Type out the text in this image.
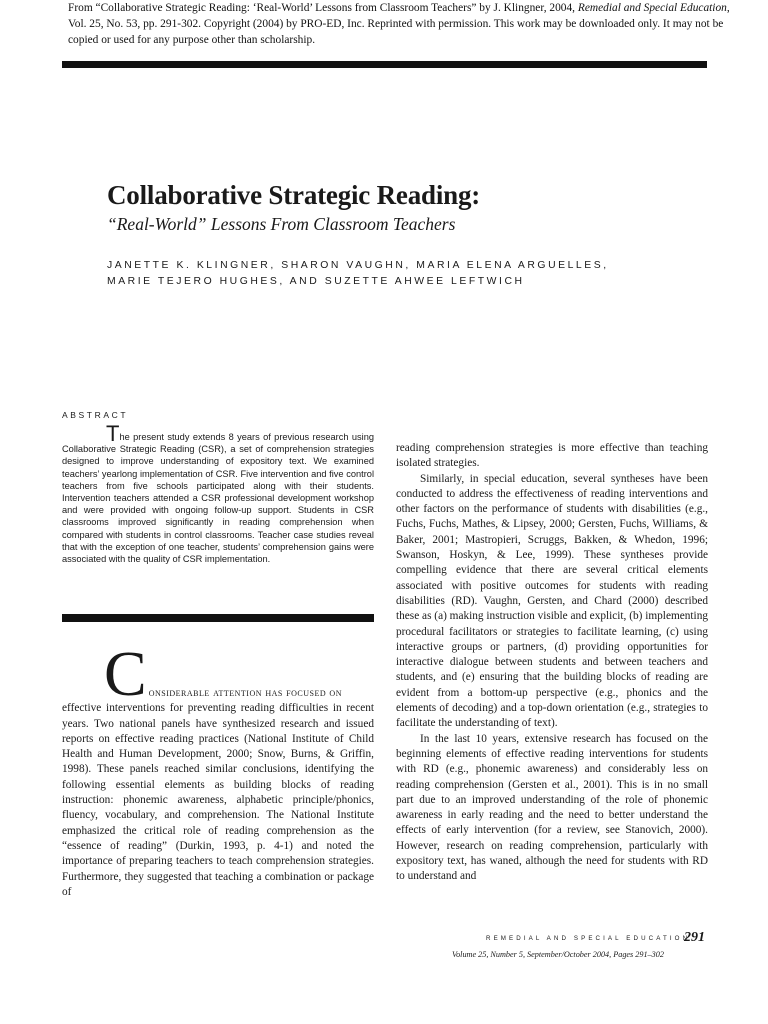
From “Collaborative Strategic Reading: ‘Real-World’ Lessons from Classroom Teachers” by J. Klingner, 2004, Remedial and Special Education, Vol. 25, No. 53, pp. 291-302. Copyright (2004) by PRO-ED, Inc. Reprinted with permission. This work may be downloaded only. It may not be copied or used for any purpose other than scholarship.
Collaborative Strategic Reading:
“Real-World” Lessons From Classroom Teachers
JANETTE K. KLINGNER, SHARON VAUGHN, MARIA ELENA ARGUELLES,
MARIE TEJERO HUGHES, AND SUZETTE AHWEE LEFTWICH
ABSTRACT
The present study extends 8 years of previous research using Collaborative Strategic Reading (CSR), a set of comprehension strategies designed to improve understanding of expository text. We examined teachers’ yearlong implementation of CSR. Five intervention and five control teachers from five schools participated along with their students. Intervention teachers attended a CSR professional development workshop and were provided with ongoing follow-up support. Students in CSR classrooms improved significantly in reading comprehension when compared with students in control classrooms. Teacher case studies reveal that with the exception of one teacher, students’ comprehension gains were associated with the quality of CSR implementation.
C onsiderable attention has focused on
effective interventions for preventing reading difficulties in recent years. Two national panels have synthesized research and issued reports on effective reading practices (National Institute of Child Health and Human Development, 2000; Snow, Burns, & Griffin, 1998). These panels reached similar conclusions, identifying the following essential elements as building blocks of reading instruction: phonemic awareness, alphabetic principle/phonics, fluency, vocabulary, and comprehension. The National Institute emphasized the critical role of reading comprehension as the “essence of reading” (Durkin, 1993, p. 4-1) and noted the importance of preparing teachers to teach comprehension strategies. Furthermore, they suggested that teaching a combination or package of

reading comprehension strategies is more effective than teaching isolated strategies.

Similarly, in special education, several syntheses have been conducted to address the effectiveness of reading interventions and other factors on the performance of students with disabilities (e.g., Fuchs, Fuchs, Mathes, & Lipsey, 2000; Gersten, Fuchs, Williams, & Baker, 2001; Mastropieri, Scruggs, Bakken, & Whedon, 1996; Swanson, Hoskyn, & Lee, 1999). These syntheses provide compelling evidence that there are several critical elements associated with positive outcomes for students with reading disabilities (RD). Vaughn, Gersten, and Chard (2000) described these as (a) making instruction visible and explicit, (b) implementing procedural facilitators or strategies to facilitate learning, (c) using interactive groups or partners, (d) providing opportunities for interactive dialogue between students and between teachers and students, and (e) ensuring that the building blocks of reading are evident from a bottom-up perspective (e.g., phonics and the elements of decoding) and a top-down orientation (e.g., strategies to facilitate the understanding of text).

In the last 10 years, extensive research has focused on the beginning elements of effective reading interventions for students with RD (e.g., phonemic awareness) and considerably less on reading comprehension (Gersten et al., 2001). This is in no small part due to an improved understanding of the role of phonemic awareness in early reading and the need to better understand the effects of early intervention (for a review, see Stanovich, 2000). However, research on reading comprehension, particularly with expository text, has waned, although the need for students with RD to understand and

REMEDIAL AND SPECIAL EDUCATION
291
Volume 25, Number 5, September/October 2004, Pages 291–302
